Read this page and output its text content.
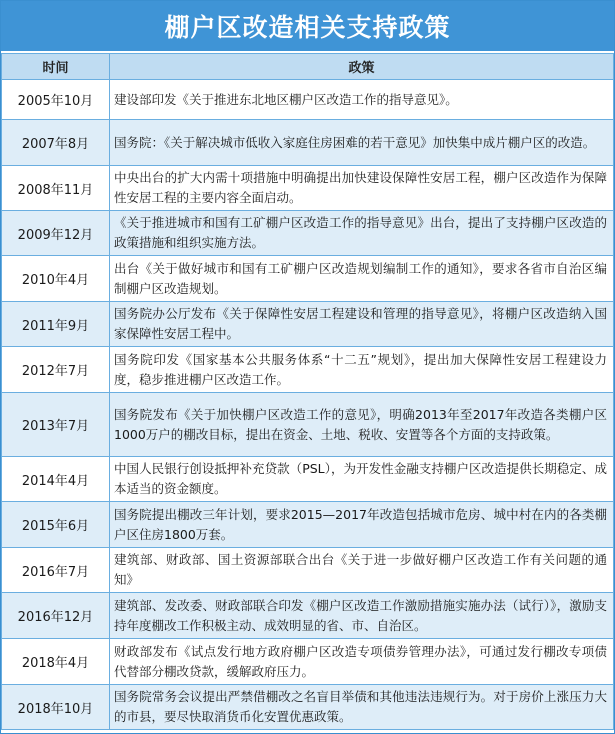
棚户区改造相关支持政策
时间	政策
2005年10月	建设部印发《关于推进东北地区棚户区改造工作的指导意见》。
2007年8月	国务院：《关于解决城市低收入家庭住房困难的若干意见》加快集中成片棚户区的改造。
2008年11月	中央出台的扩大内需十项措施中明确提出加快建设保障性安居工程，棚户区改造作为保障性安居工程的主要内容全面启动。
2009年12月	《关于推进城市和国有工矿棚户区改造工作的指导意见》出台，提出了支持棚户区改造的政策措施和组织实施方法。
2010年4月	出台《关于做好城市和国有工矿棚户区改造规划编制工作的通知》，要求各省市自治区编制棚户区改造规划。
2011年9月	国务院办公厅发布《关于保障性安居工程建设和管理的指导意见》，将棚户区改造纳入国家保障性安居工程中。
2012年7月	国务院印发《国家基本公共服务体系“十二五”规划》，提出加大保障性安居工程建设力度，稳步推进棚户区改造工作。
2013年7月	国务院发布《关于加快棚户区改造工作的意见》，明确2013年至2017年改造各类棚户区1000万户的棚改目标，提出在资金、土地、税收、安置等各个方面的支持政策。
2014年4月	中国人民银行创设抵押补充贷款（PSL），为开发性金融支持棚户区改造提供长期稳定、成本适当的资金额度。
2015年6月	国务院提出棚改三年计划，要求2015—2017年改造包括城市危房、城中村在内的各类棚户区住房1800万套。
2016年7月	建筑部、财政部、国土资源部联合出台《关于进一步做好棚户区改造工作有关问题的通知》
2016年12月	建筑部、发改委、财政部联合印发《棚户区改造工作激励措施实施办法（试行）》，激励支持年度棚改工作积极主动、成效明显的省、市、自治区。
2018年4月	财政部发布《试点发行地方政府棚户区改造专项债券管理办法》，可通过发行棚改专项债代替部分棚改贷款，缓解政府压力。
2018年10月	国务院常务会议提出严禁借棚改之名盲目举债和其他违法违规行为。对于房价上涨压力大的市县，要尽快取消货币化安置优惠政策。
